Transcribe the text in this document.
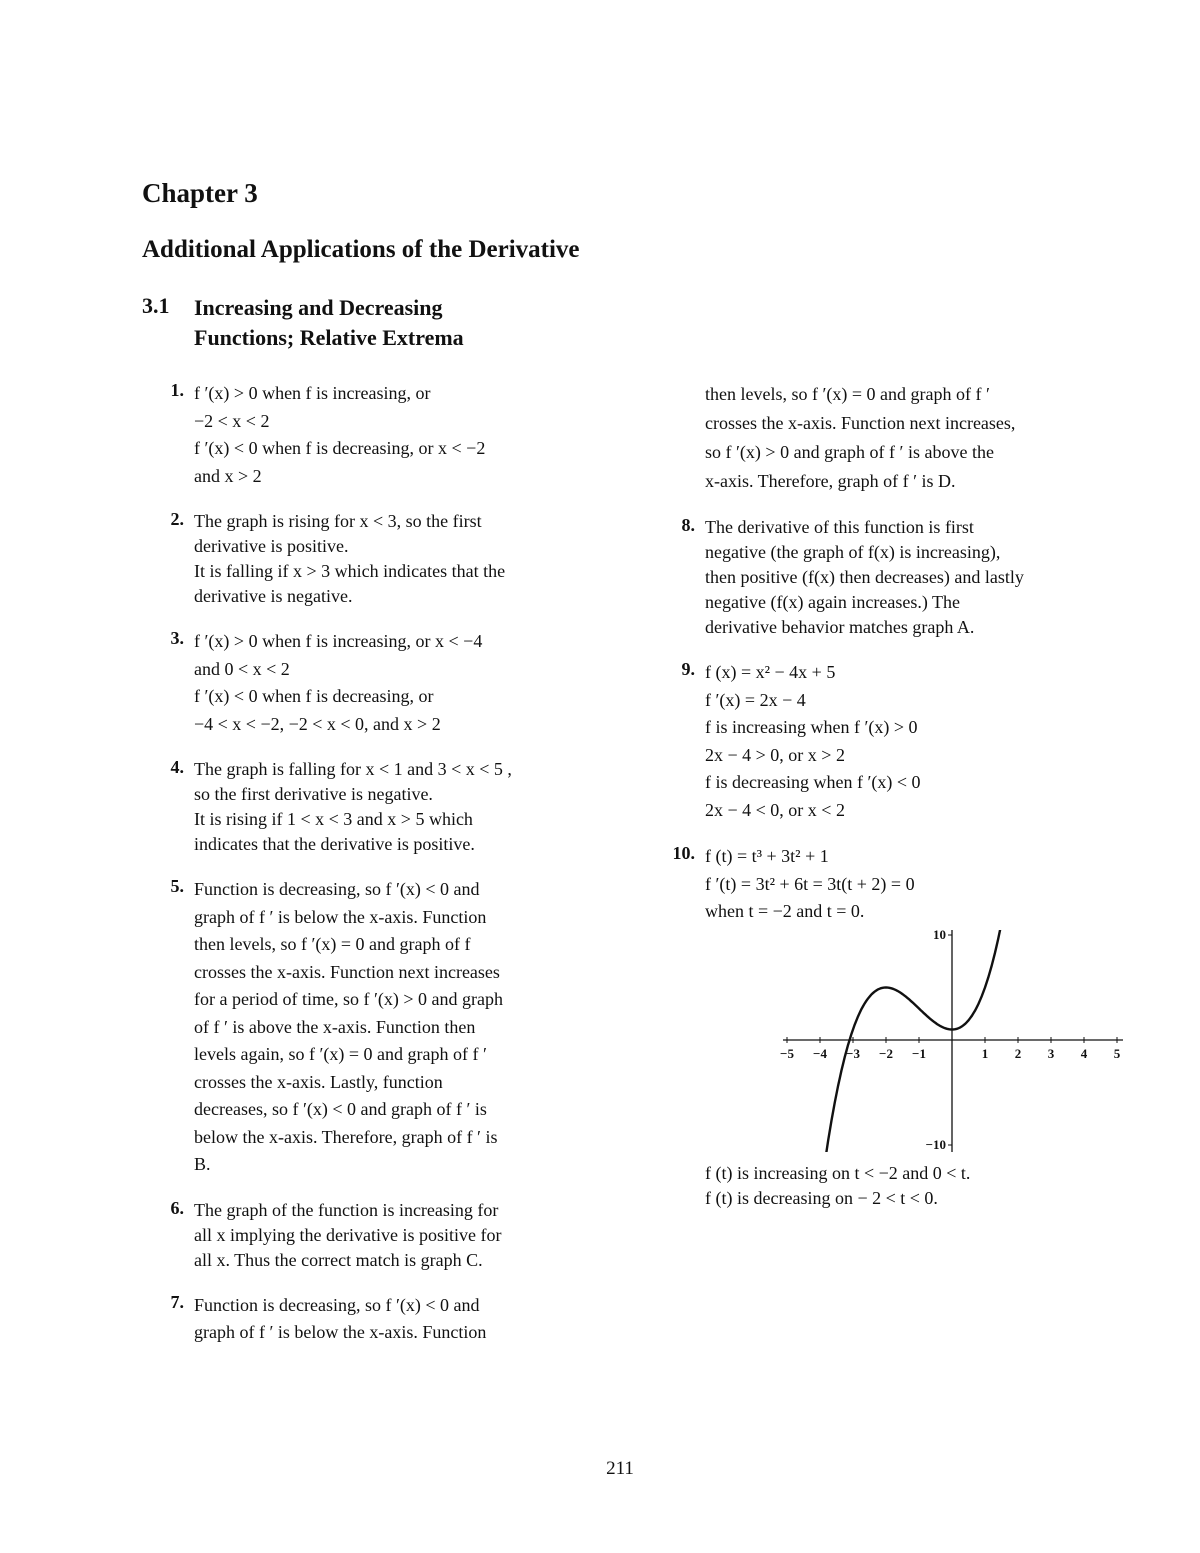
Chapter 3
Additional Applications of the Derivative
3.1 Increasing and Decreasing
Functions; Relative Extrema
1. f ′(x) > 0 when f is increasing, or
−2 < x < 2
f ′(x) < 0 when f is decreasing, or x < −2
and x > 2
2. The graph is rising for x < 3, so the first
derivative is positive.
It is falling if x > 3 which indicates that the
derivative is negative.
3. f ′(x) > 0 when f is increasing, or x < −4
and 0 < x < 2
f ′(x) < 0 when f is decreasing, or
−4 < x < −2, −2 < x < 0, and x > 2
4. The graph is falling for x < 1 and 3 < x < 5 ,
so the first derivative is negative.
It is rising if 1 < x < 3 and x > 5 which
indicates that the derivative is positive.
5. Function is decreasing, so f ′(x) < 0 and
graph of f ′ is below the x-axis. Function
then levels, so f ′(x) = 0 and graph of f
crosses the x-axis. Function next increases
for a period of time, so f ′(x) > 0 and graph
of f ′ is above the x-axis. Function then
levels again, so f ′(x) = 0 and graph of f ′
crosses the x-axis. Lastly, function
decreases, so f ′(x) < 0 and graph of f ′ is
below the x-axis. Therefore, graph of f ′ is
B.
6. The graph of the function is increasing for
all x implying the derivative is positive for
all x. Thus the correct match is graph C.
7. Function is decreasing, so f ′(x) < 0 and
graph of f ′ is below the x-axis. Function
then levels, so f ′(x) = 0 and graph of f ′
crosses the x-axis. Function next increases,
so f ′(x) > 0 and graph of f ′ is above the
x-axis. Therefore, graph of f ′ is D.
8. The derivative of this function is first
negative (the graph of f(x) is increasing),
then positive (f(x) then decreases) and lastly
negative (f(x) again increases.) The
derivative behavior matches graph A.
9. f (x) = x² − 4x + 5
f ′(x) = 2x − 4
f is increasing when f ′(x) > 0
2x − 4 > 0, or x > 2
f is decreasing when f ′(x) < 0
2x − 4 < 0, or x < 2
10. f (t) = t³ + 3t² + 1
f ′(t) = 3t² + 6t = 3t(t + 2) = 0
when t = −2 and t = 0.
−5 −4 −3 −2 −1	1 2 3 4 5
10
−10
f (t) is increasing on t < −2 and 0 < t.
f (t) is decreasing on − 2 < t < 0.
211
